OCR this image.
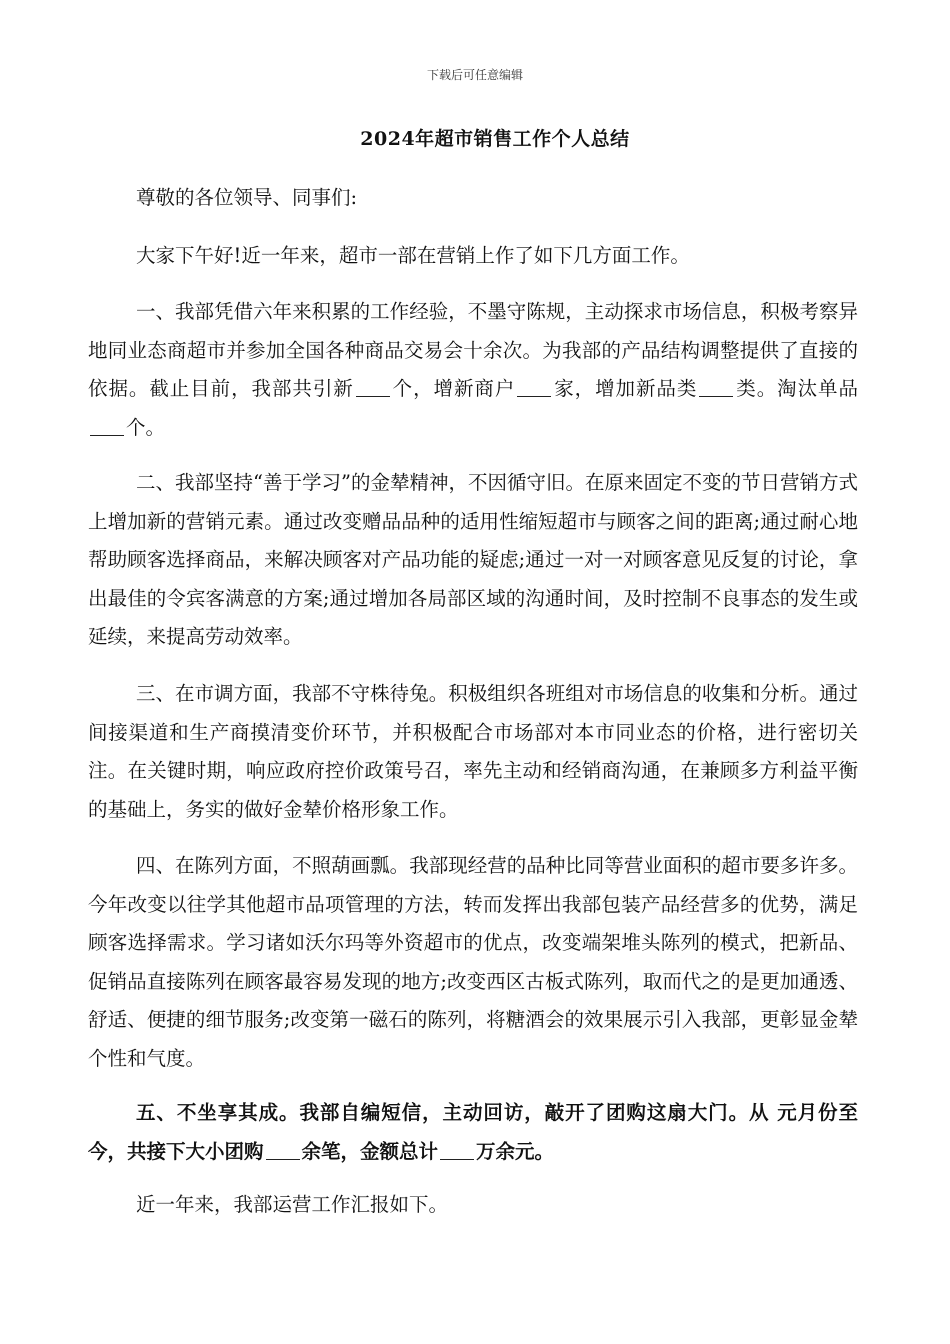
下载后可任意编辑
2024年超市销售工作个人总结
尊敬的各位领导、同事们:
大家下午好!近一年来，超市一部在营销上作了如下几方面工作。
一、我部凭借六年来积累的工作经验，不墨守陈规，主动探求市场信息，积极考察异地同业态商超市并参加全国各种商品交易会十余次。为我部的产品结构调整提供了直接的依据。截止目前，我部共引新 个，增新商户 家，增加新品类 类。淘汰单品 个。
二、我部坚持“善于学习”的金辇精神，不因循守旧。在原来固定不变的节日营销方式上增加新的营销元素。通过改变赠品品种的适用性缩短超市与顾客之间的距离;通过耐心地帮助顾客选择商品，来解决顾客对产品功能的疑虑;通过一对一对顾客意见反复的讨论，拿出最佳的令宾客满意的方案;通过增加各局部区域的沟通时间，及时控制不良事态的发生或延续，来提高劳动效率。
三、在市调方面，我部不守株待兔。积极组织各班组对市场信息的收集和分析。通过间接渠道和生产商摸清变价环节，并积极配合市场部对本市同业态的价格，进行密切关注。在关键时期，响应政府控价政策号召，率先主动和经销商沟通，在兼顾多方利益平衡的基础上，务实的做好金辇价格形象工作。
四、在陈列方面，不照葫画瓢。我部现经营的品种比同等营业面积的超市要多许多。今年改变以往学其他超市品项管理的方法，转而发挥出我部包装产品经营多的优势，满足顾客选择需求。学习诸如沃尔玛等外资超市的优点，改变端架堆头陈列的模式，把新品、促销品直接陈列在顾客最容易发现的地方;改变西区古板式陈列，取而代之的是更加通透、舒适、便捷的细节服务;改变第一磁石的陈列，将糖酒会的效果展示引入我部，更彰显金辇个性和气度。
五、不坐享其成。我部自编短信，主动回访，敲开了团购这扇大门。从 元月份至今，共接下大小团购 余笔，金额总计 万余元。
近一年来，我部运营工作汇报如下。
